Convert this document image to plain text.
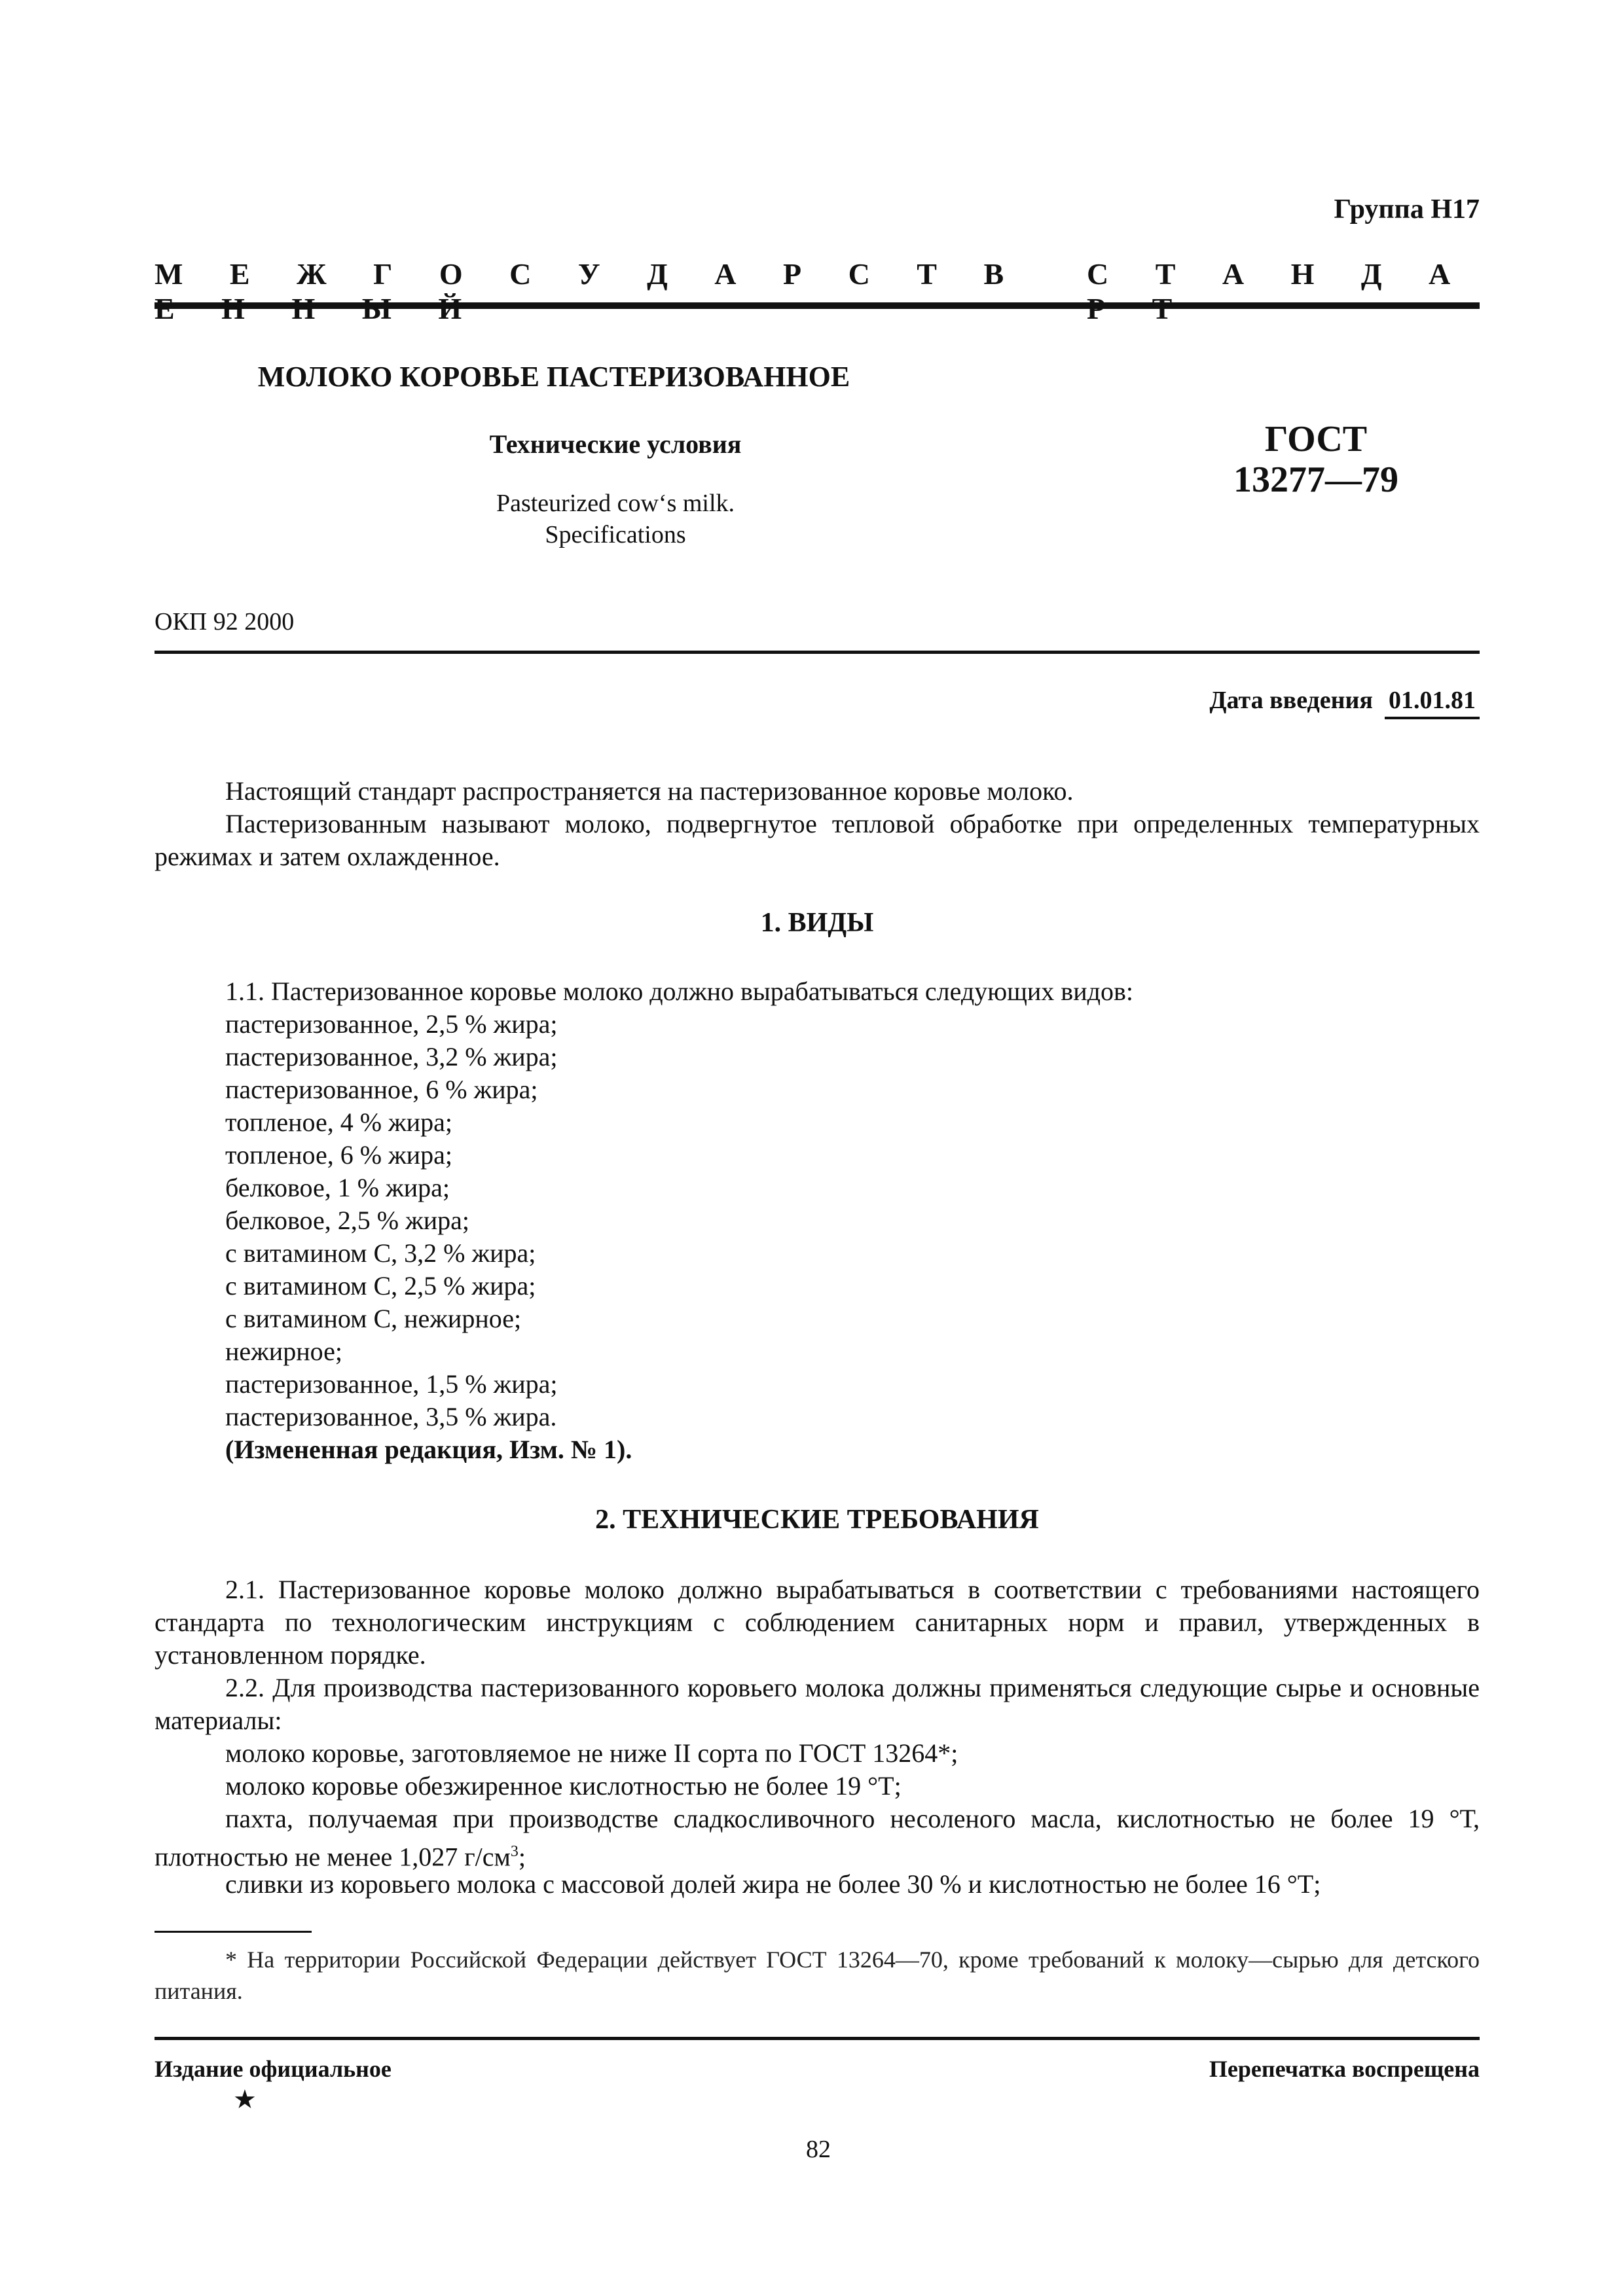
Группа Н17
М Е Ж Г О С У Д А Р С Т В	С Т А Н Д А
МОЛОКО КОРОВЬЕ ПАСТЕРИЗОВАННОЕ
Технические условия
Pasteurized cow‘s milk.
Specifications
ГОСТ
13277—79
ОКП 92 2000
Дата введения 01.01.81
Настоящий стандарт распространяется на пастеризованное коровье молоко.
Пастеризованным называют молоко, подвергнутое тепловой обработке при определенных температурных режимах и затем охлажденное.
1. ВИДЫ
1.1. Пастеризованное коровье молоко должно вырабатываться следующих видов:
пастеризованное, 2,5 % жира;
пастеризованное, 3,2 % жира;
пастеризованное, 6 % жира;
топленое, 4 % жира;
топленое, 6 % жира;
белковое, 1 % жира;
белковое, 2,5 % жира;
с витамином С, 3,2 % жира;
с витамином С, 2,5 % жира;
с витамином С, нежирное;
нежирное;
пастеризованное, 1,5 % жира;
пастеризованное, 3,5 % жира.
(Измененная редакция, Изм. № 1).
2. ТЕХНИЧЕСКИЕ ТРЕБОВАНИЯ
2.1. Пастеризованное коровье молоко должно вырабатываться в соответствии с требованиями настоящего стандарта по технологическим инструкциям с соблюдением санитарных норм и правил, утвержденных в установленном порядке.
2.2. Для производства пастеризованного коровьего молока должны применяться следующие сырье и основные материалы:
молоко коровье, заготовляемое не ниже II сорта по ГОСТ 13264*;
молоко коровье обезжиренное кислотностью не более 19 °Т;
пахта, получаемая при производстве сладкосливочного несоленого масла, кислотностью не более 19 °Т, плотностью не менее 1,027 $г/см^3$;
сливки из коровьего молока с массовой долей жира не более 30 % и кислотностью не более 16 °Т;
* На территории Российской Федерации действует ГОСТ 13264—70, кроме требований к молоку—сырью для детского питания.
Издание официальное	Перепечатка воспрещена
★
82
